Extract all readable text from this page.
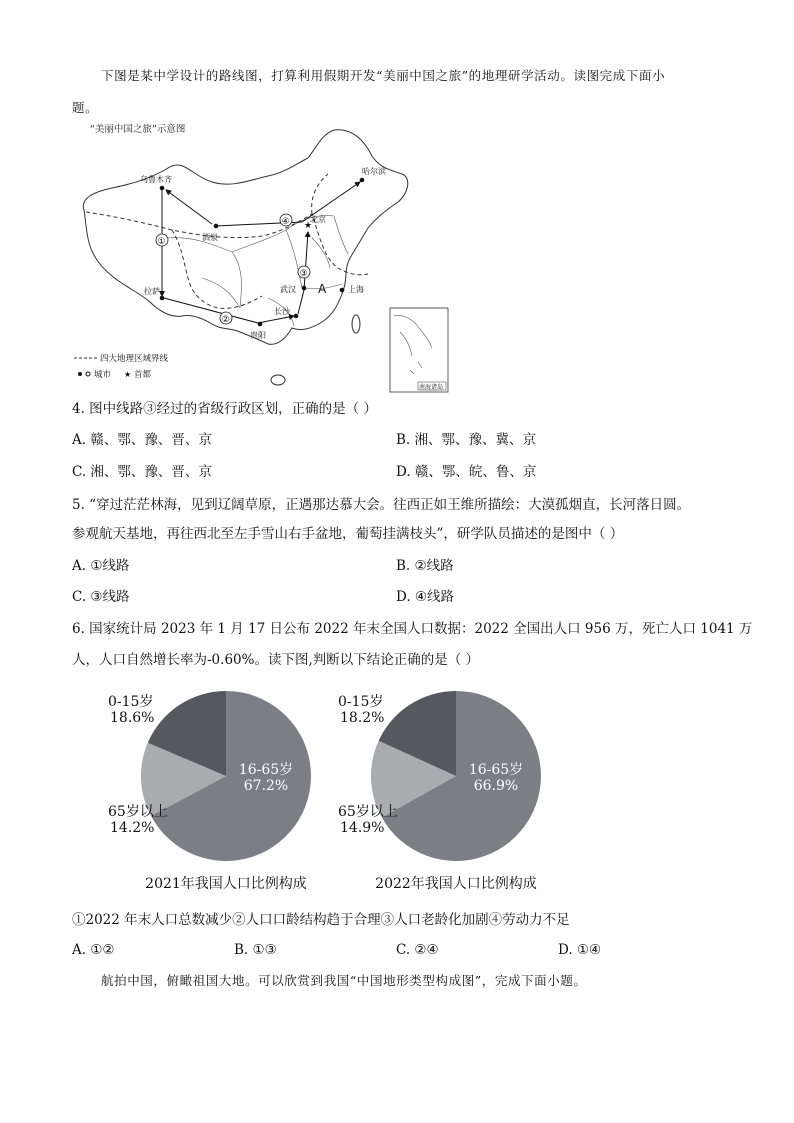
下图是某中学设计的路线图，打算利用假期开发“美丽中国之旅”的地理研学活动。读图完成下面小
题。
“美丽中国之旅”示意图
乌鲁木齐
哈尔滨
酒泉
★
北京
拉萨	武汉	上海
长沙
贵阳
①
②
③
④
A
四大地理区域界线
城市 ★ 首都
南海诸岛
4. 图中线路③经过的省级行政区划，正确的是（ ）
A. 赣、鄂、豫、晋、京	B. 湘、鄂、豫、冀、京
C. 湘、鄂、豫、晋、京	D. 赣、鄂、皖、鲁、京
5. “穿过茫茫林海，见到辽阔草原，正遇那达慕大会。往西正如王维所描绘：大漠孤烟直，长河落日圆。
参观航天基地，再往西北至左手雪山右手盆地，葡萄挂满枝头”，研学队员描述的是图中（ ）
A. ①线路	B. ②线路
C. ③线路	D. ④线路
6. 国家统计局 2023 年 1 月 17 日公布 2022 年末全国人口数据：2022 全国出人口 956 万，死亡人口 1041 万
人，人口自然增长率为-0.60%。读下图,判断以下结论正确的是（ ）
0-15岁
18.6%
16-65岁
67.2%
65岁以上
14.2%
2021年我国人口比例构成
0-15岁
18.2%
16-65岁
66.9%
65岁以上
14.9%
2022年我国人口比例构成
①2022 年末人口总数减少②人口口龄结构趋于合理③人口老龄化加剧④劳动力不足
A. ①②	B. ①③	C. ②④	D. ①④
航拍中国，俯瞰祖国大地。可以欣赏到我国“中国地形类型构成图”，完成下面小题。
